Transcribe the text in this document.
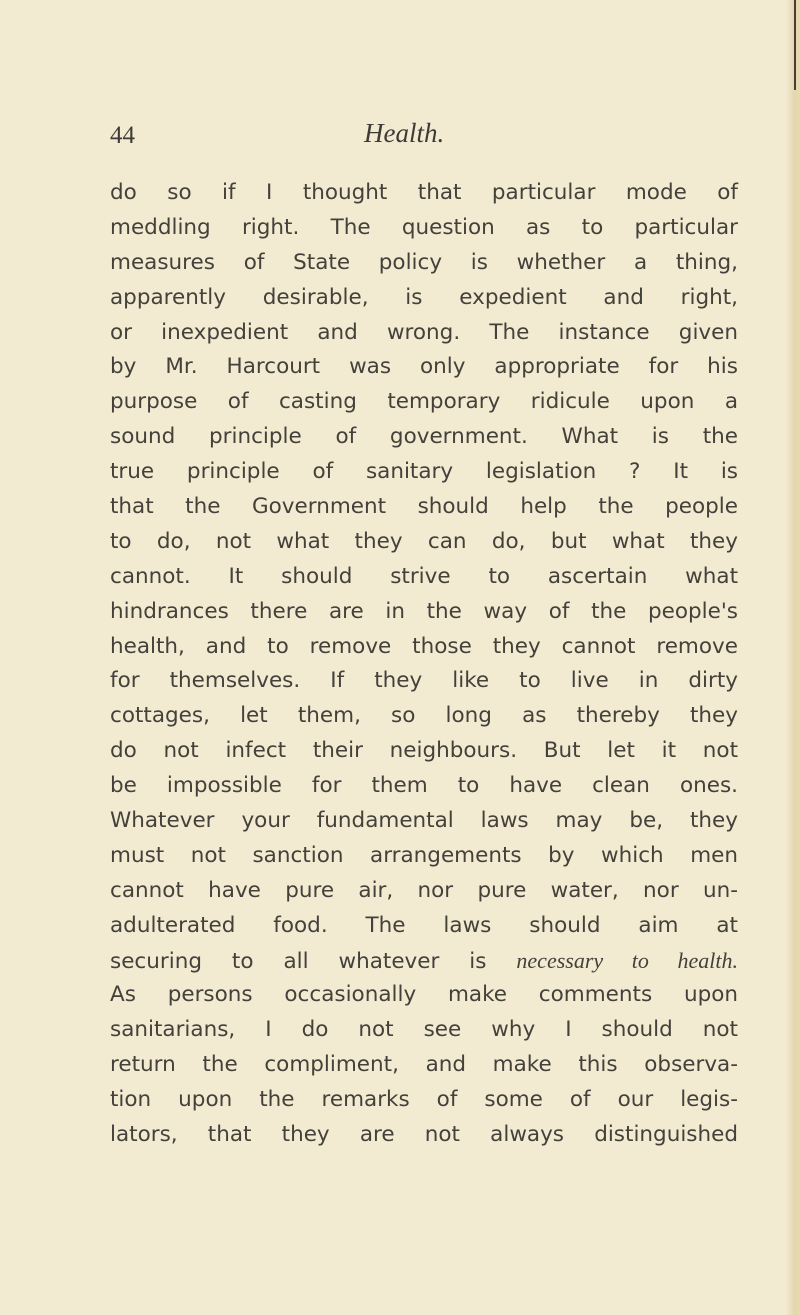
44	Health.
do so if I thought that particular mode of
meddling right. The question as to particular
measures of State policy is whether a thing,
apparently desirable, is expedient and right,
or inexpedient and wrong. The instance given
by Mr. Harcourt was only appropriate for his
purpose of casting temporary ridicule upon a
sound principle of government. What is the
true principle of sanitary legislation ? It is
that the Government should help the people
to do, not what they can do, but what they
cannot. It should strive to ascertain what
hindrances there are in the way of the people's
health, and to remove those they cannot remove
for themselves. If they like to live in dirty
cottages, let them, so long as thereby they
do not infect their neighbours. But let it not
be impossible for them to have clean ones.
Whatever your fundamental laws may be, they
must not sanction arrangements by which men
cannot have pure air, nor pure water, nor un-
adulterated food. The laws should aim at
securing to all whatever is necessary to health.
As persons occasionally make comments upon
sanitarians, I do not see why I should not
return the compliment, and make this observa-
tion upon the remarks of some of our legis-
lators, that they are not always distinguished
